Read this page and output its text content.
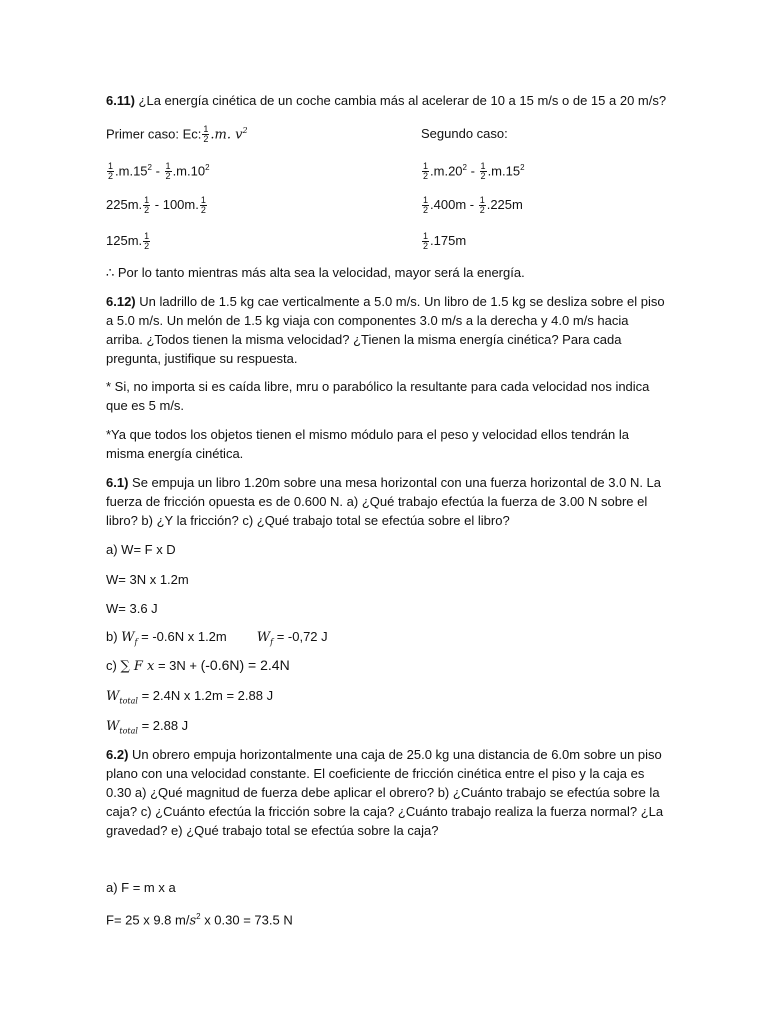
6.11) ¿La energía cinética de un coche cambia más al acelerar de 10 a 15 m/s o de 15 a 20 m/s?
Primer caso: Ec: $\frac{1}{2} .m$. $v^2$	Segundo caso:
$\frac{1}{2} .m.15^2 - \frac{1}{2} .m.10^2$	$\frac{1}{2} .m.20^2 - \frac{1}{2} .m.15^2$
225m. $\frac{1}{2} - 100m$. $\frac{1}{2}$	$\frac{1}{2} .400m - \frac{1}{2} .225m$
125m. $\frac{1}{2}$	$\frac{1}{2} .175m$
∴ Por lo tanto mientras más alta sea la velocidad, mayor será la energía.
6.12) Un ladrillo de 1.5 kg cae verticalmente a 5.0 m/s. Un libro de 1.5 kg se desliza sobre el piso a 5.0 m/s. Un melón de 1.5 kg viaja con componentes 3.0 m/s a la derecha y 4.0 m/s hacia arriba. ¿Todos tienen la misma velocidad? ¿Tienen la misma energía cinética? Para cada pregunta, justifique su respuesta.
* Si, no importa si es caída libre, mru o parabólico la resultante para cada velocidad nos indica que es 5 m/s.
*Ya que todos los objetos tienen el mismo módulo para el peso y velocidad ellos tendrán la misma energía cinética.
6.1) Se empuja un libro 1.20m sobre una mesa horizontal con una fuerza horizontal de 3.0 N. La fuerza de fricción opuesta es de 0.600 N. a) ¿Qué trabajo efectúa la fuerza de 3.00 N sobre el libro? b) ¿Y la fricción? c) ¿Qué trabajo total se efectúa sobre el libro?
a) W= F x D
W= 3N x 1.2m
W= 3.6 J
b) $W_f = -0.6N$ x 1.2m $W_f = -0,72$ J
c) ∑ F x = 3N + (-0.6N) = 2.4N
$W_{total} = 2.4N$ x 1.2m = 2.88 J
$W_{total} = 2.88$ J
6.2) Un obrero empuja horizontalmente una caja de 25.0 kg una distancia de 6.0m sobre un piso plano con una velocidad constante. El coeficiente de fricción cinética entre el piso y la caja es 0.30 a) ¿Qué magnitud de fuerza debe aplicar el obrero? b) ¿Cuánto trabajo se efectúa sobre la caja? c) ¿Cuánto efectúa la fricción sobre la caja? ¿Cuánto trabajo realiza la fuerza normal? ¿La gravedad? e) ¿Qué trabajo total se efectúa sobre la caja?
a) F = m x a
F= 25 x 9.8 $m/s^2$ x 0.30 = 73.5 N
